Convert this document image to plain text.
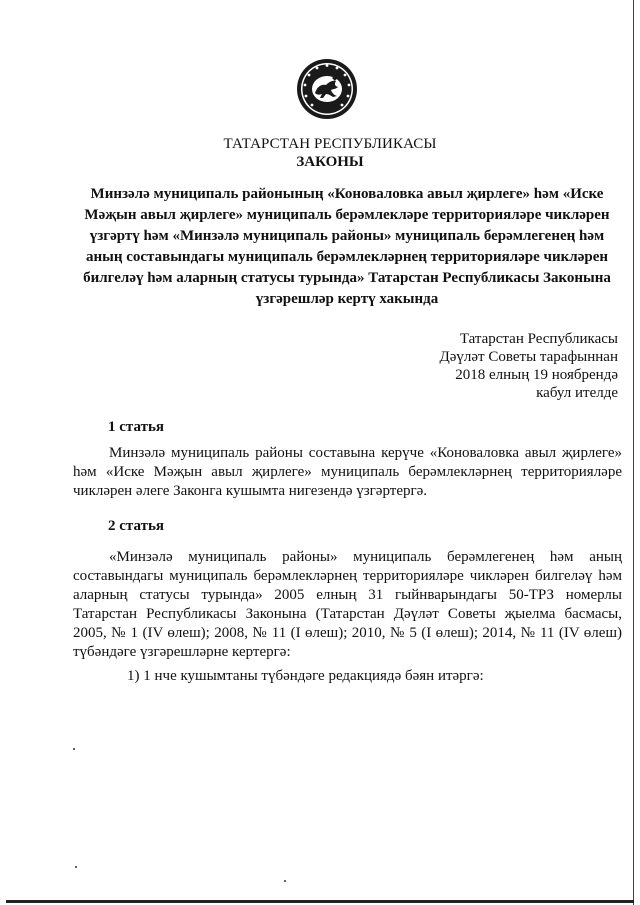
ТАТАРСТАН РЕСПУБЛИКАСЫ
ЗАКОНЫ
Минзәлә муниципаль районының «Коноваловка авыл җирлеге» һәм «Иске
Мәҗын авыл җирлеге» муниципаль берәмлекләре территорияләре чикләрен
үзгәртү һәм «Минзәлә муниципаль районы» муниципаль берәмлегенең һәм
аның составындагы муниципаль берәмлекләрнең территорияләре чикләрен
билгеләү һәм аларның статусы турында» Татарстан Республикасы Законына
үзгәрешләр кертү хакында
Татарстан Республикасы
Дәүләт Советы тарафыннан
2018 елның 19 ноябрендә
кабул ителде
1 статья
Минзәлә муниципаль районы составына керүче «Коноваловка авыл җирлеге»
һәм «Иске Мәҗын авыл җирлеге» муниципаль берәмлекләрнең территорияләре
чикләрен әлеге Законга кушымта нигезендә үзгәртергә.
2 статья
«Минзәлә муниципаль районы» муниципаль берәмлегенең һәм аның
составындагы муниципаль берәмлекләрнең территорияләре чикләрен билгеләү һәм
аларның статусы турында» 2005 елның 31 гыйнварындагы 50-ТРЗ номерлы
Татарстан Республикасы Законына (Татарстан Дәүләт Советы җыелма басмасы,
2005, № 1 (IV өлеш); 2008, № 11 (I өлеш); 2010, № 5 (I өлеш); 2014, № 11 (IV өлеш)
түбәндәге үзгәрешләрне кертергә:
1) 1 нче кушымтаны түбәндәге редакциядә бәян итәргә:
